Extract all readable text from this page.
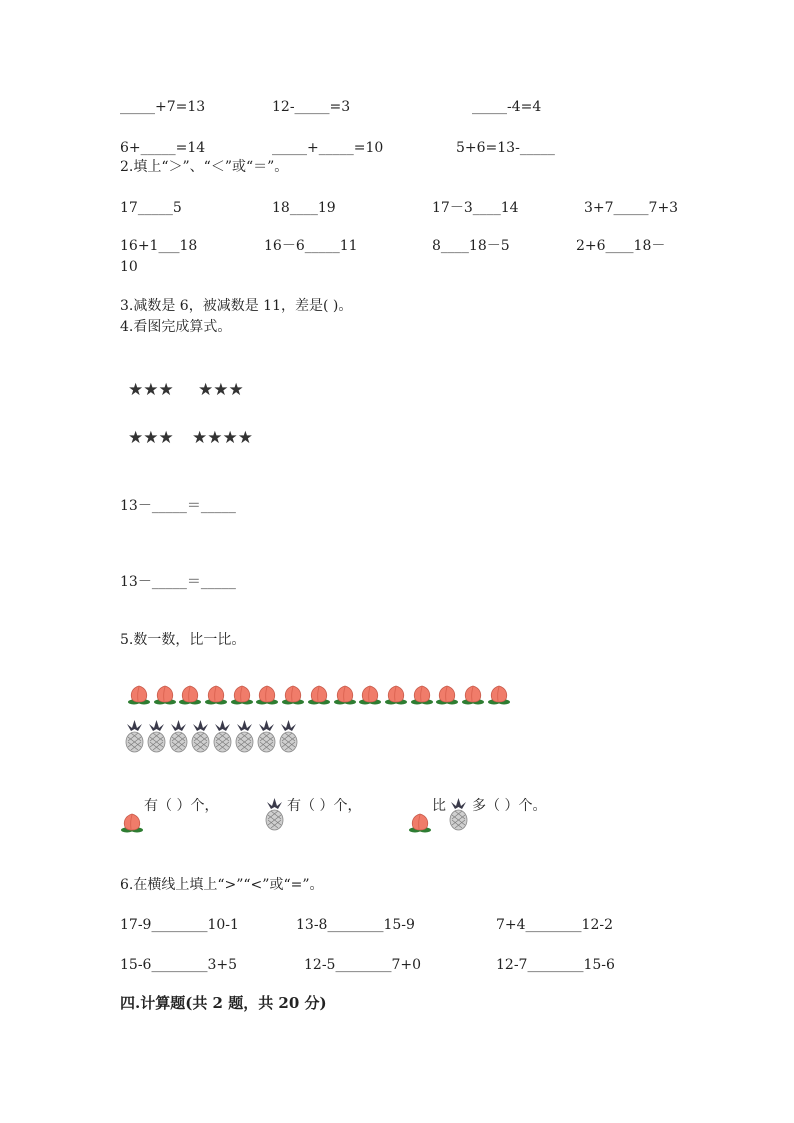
_____+7=13	12-_____=3	_____-4=4
6+_____=14	_____+_____=10	5+6=13-_____
2.填上“＞”、“＜”或“＝”。
17_____5	18____19	17－3____14	3+7_____7+3
16+1___18	16－6_____11	8____18－5	2+6____18－
10
3.减数是 6，被减数是 11，差是( )。
4.看图完成算式。
★★★ ★★★
★★★ ★★★★
13－_____＝_____
13－_____＝_____
5.数一数，比一比。
有（ ）个，	有（ ）个，	比 多（ ）个。
6.在横线上填上“>”“<”或“=”。
17-9________10-1	13-8________15-9	7+4________12-2
15-6________3+5	12-5________7+0	12-7________15-6
四.计算题(共 2 题，共 20 分)
